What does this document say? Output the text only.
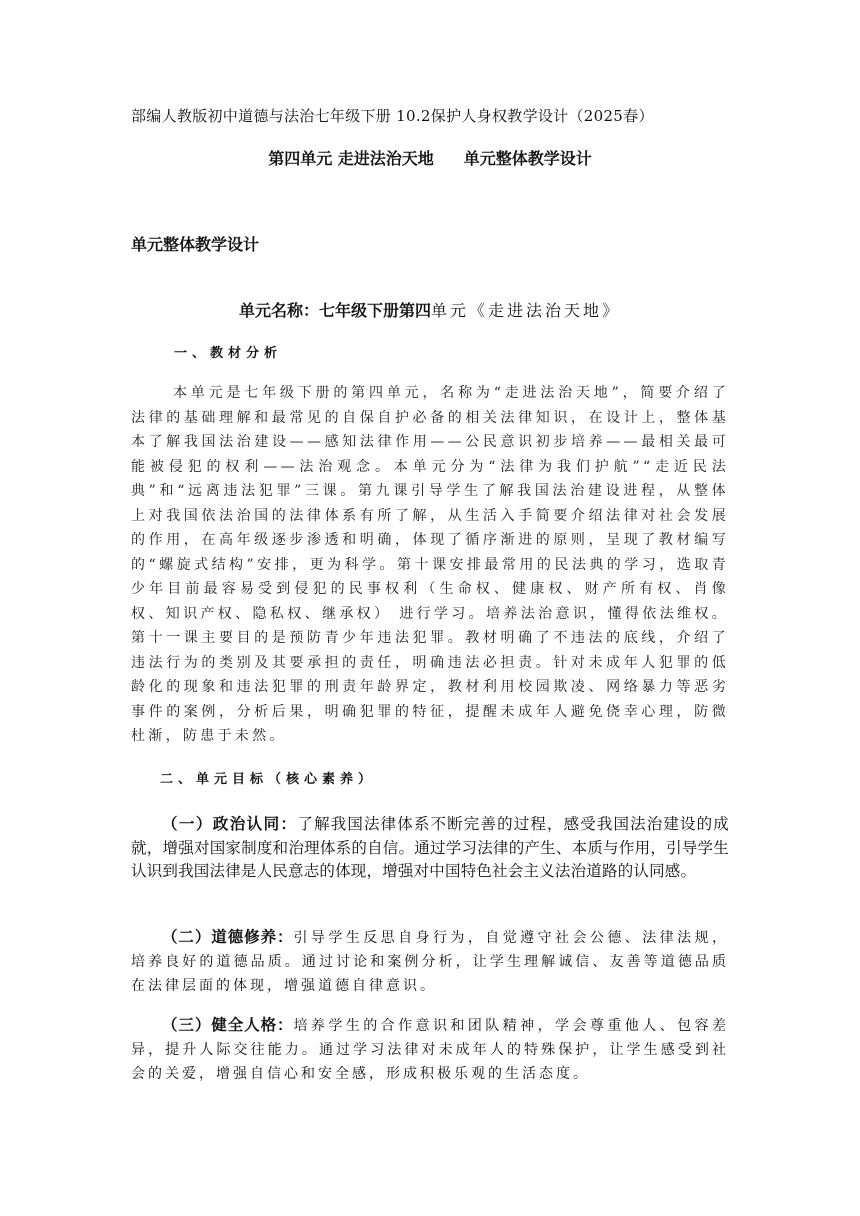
部编人教版初中道德与法治七年级下册 10.2保护人身权教学设计（2025春）
第四单元 走进法治天地 单元整体教学设计
单元整体教学设计
单元名称：七年级下册第四单元《走进法治天地》
一、教材分析

本单元是七年级下册的第四单元，名称为“走进法治天地”，简要介绍了法律的基础理解和最常见的自保自护必备的相关法律知识，在设计上，整体基本了解我国法治建设——感知法律作用——公民意识初步培养——最相关最可能被侵犯的权利——法治观念。本单元分为“法律为我们护航”“走近民法典”和“远离违法犯罪”三课。第九课引导学生了解我国法治建设进程，从整体上对我国依法治国的法律体系有所了解，从生活入手简要介绍法律对社会发展的作用，在高年级逐步渗透和明确，体现了循序渐进的原则，呈现了教材编写的“螺旋式结构”安排，更为科学。第十课安排最常用的民法典的学习，选取青少年目前最容易受到侵犯的民事权利（生命权、健康权、财产所有权、肖像权、知识产权、隐私权、继承权） 进行学习。培养法治意识，懂得依法维权。第十一课主要目的是预防青少年违法犯罪。教材明确了不违法的底线，介绍了违法行为的类别及其要承担的责任，明确违法必担责。针对未成年人犯罪的低龄化的现象和违法犯罪的刑责年龄界定，教材利用校园欺凌、网络暴力等恶劣事件的案例，分析后果，明确犯罪的特征，提醒未成年人避免侥幸心理，防微杜渐，防患于未然。

二、单元目标（核心素养）

（一）政治认同：了解我国法律体系不断完善的过程，感受我国法治建设的成就，增强对国家制度和治理体系的自信。通过学习法律的产生、本质与作用，引导学生认识到我国法律是人民意志的体现，增强对中国特色社会主义法治道路的认同感。

（二）道德修养：引导学生反思自身行为，自觉遵守社会公德、法律法规，培养良好的道德品质。通过讨论和案例分析，让学生理解诚信、友善等道德品质在法律层面的体现，增强道德自律意识。

（三）健全人格：培养学生的合作意识和团队精神，学会尊重他人、包容差异，提升人际交往能力。通过学习法律对未成年人的特殊保护，让学生感受到社会的关爱，增强自信心和安全感，形成积极乐观的生活态度。
